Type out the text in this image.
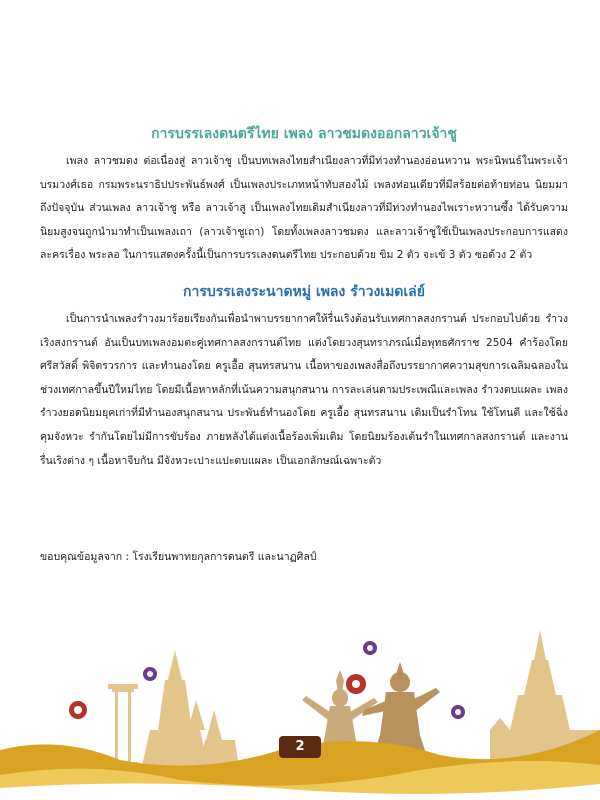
การบรรเลงดนตรีไทย เพลง ลาวชมดงออกลาวเจ้าชู

เพลง ลาวชมดง ต่อเนื่องสู่ ลาวเจ้าชู เป็นบทเพลงไทยสำเนียงลาวที่มีท่วงทำนองอ่อนหวาน พระนิพนธ์ในพระเจ้าบรมวงศ์เธอ กรมพระนราธิปประพันธ์พงศ์ เป็นเพลงประเภทหน้าทับสองไม้ เพลงท่อนเดียวที่มีสร้อยต่อท้ายท่อน นิยมมาถึงปัจจุบัน ส่วนเพลง ลาวเจ้าชู หรือ ลาวเจ้าสู เป็นเพลงไทยเดิมสำเนียงลาวที่มีท่วงทำนองไพเราะหวานซึ้ง ได้รับความนิยมสูงจนถูกนำมาทำเป็นเพลงเถา (ลาวเจ้าชูเถา) โดยทั้งเพลงลาวชมดง และลาวเจ้าชูใช้เป็นเพลงประกอบการแสดงละครเรื่อง พระลอ ในการแสดงครั้งนี้เป็นการบรรเลงดนตรีไทย ประกอบด้วย ขิม 2 ตัว จะเข้ 3 ตัว ซอด้วง 2 ตัว

การบรรเลงระนาดหมู่ เพลง รำวงเมดเล่ย์

เป็นการนำเพลงรำวงมาร้อยเรียงกันเพื่อนำพาบรรยากาศให้รื่นเริงต้อนรับเทศกาลสงกรานต์ ประกอบไปด้วย รำวงเริงสงกรานต์ อันเป็นบทเพลงอมตะคู่เทศกาลสงกรานต์ไทย แต่งโดยวงสุนทราภรณ์เมื่อพุทธศักราช 2504 คำร้องโดย ศรีสวัสดิ์ พิจิตรวรการ และทำนองโดย ครูเอื้อ สุนทรสนาน เนื้อหาของเพลงสื่อถึงบรรยากาศความสุขการเฉลิมฉลองในช่วงเทศกาลขึ้นปีใหม่ไทย โดยมีเนื้อหาหลักที่เน้นความสนุกสนาน การละเล่นตามประเพณีและเพลง รำวงตบแผละ เพลงรำวงยอดนิยมยุคเก่าที่มีทำนองสนุกสนาน ประพันธ์ทำนองโดย ครูเอื้อ สุนทรสนาน เดิมเป็นรำโทน ใช้โทนตี และใช้ฉิ่งคุมจังหวะ รำกันโดยไม่มีการขับร้อง ภายหลังได้แต่งเนื้อร้องเพิ่มเติม โดยนิยมร้องเต้นรำในเทศกาลสงกรานต์ และงานรื่นเริงต่าง ๆ เนื้อหาจีบกัน มีจังหวะเปาะแปะตบแผละ เป็นเอกลักษณ์เฉพาะตัว

ขอบคุณข้อมูลจาก : โรงเรียนพาทยกุลการดนตรี และนาฏศิลป์
2
